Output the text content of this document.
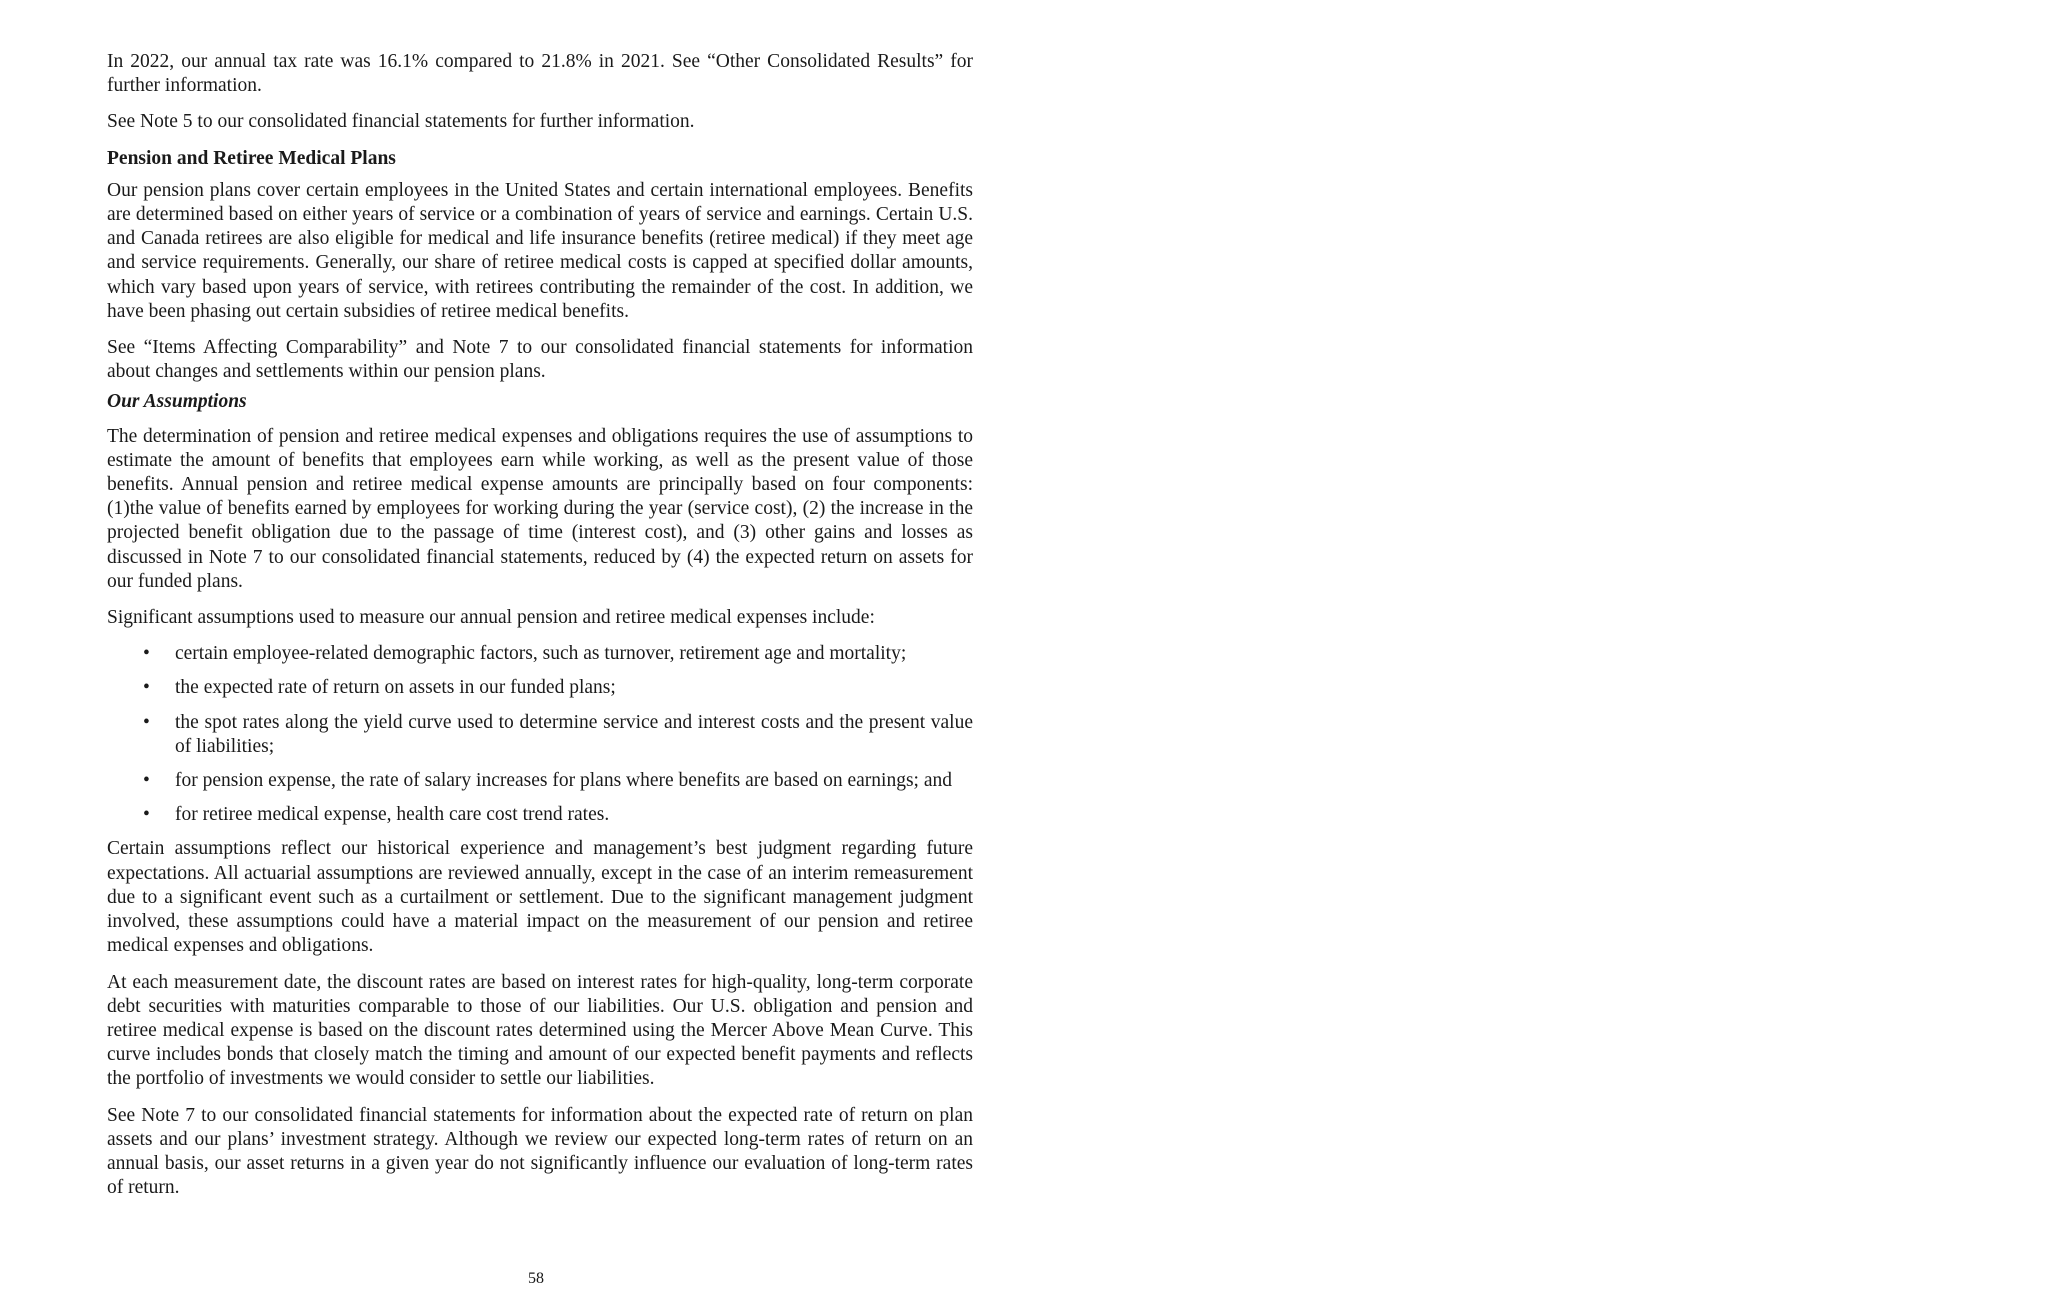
In 2022, our annual tax rate was 16.1% compared to 21.8% in 2021. See “Other Consolidated Results” for further information.

See Note 5 to our consolidated financial statements for further information.

Pension and Retiree Medical Plans

Our pension plans cover certain employees in the United States and certain international employees. Benefits are determined based on either years of service or a combination of years of service and earnings. Certain U.S. and Canada retirees are also eligible for medical and life insurance benefits (retiree medical) if they meet age and service requirements. Generally, our share of retiree medical costs is capped at specified dollar amounts, which vary based upon years of service, with retirees contributing the remainder of the cost. In addition, we have been phasing out certain subsidies of retiree medical benefits.

See “Items Affecting Comparability” and Note 7 to our consolidated financial statements for information about changes and settlements within our pension plans.

Our Assumptions

The determination of pension and retiree medical expenses and obligations requires the use of assumptions to estimate the amount of benefits that employees earn while working, as well as the present value of those benefits. Annual pension and retiree medical expense amounts are principally based on four components: (1)the value of benefits earned by employees for working during the year (service cost), (2) the increase in the projected benefit obligation due to the passage of time (interest cost), and (3) other gains and losses as discussed in Note 7 to our consolidated financial statements, reduced by (4) the expected return on assets for our funded plans.

Significant assumptions used to measure our annual pension and retiree medical expenses include:

• certain employee-related demographic factors, such as turnover, retirement age and mortality;
• the expected rate of return on assets in our funded plans;
• the spot rates along the yield curve used to determine service and interest costs and the present value of liabilities;
• for pension expense, the rate of salary increases for plans where benefits are based on earnings; and
• for retiree medical expense, health care cost trend rates.

Certain assumptions reflect our historical experience and management’s best judgment regarding future expectations. All actuarial assumptions are reviewed annually, except in the case of an interim remeasurement due to a significant event such as a curtailment or settlement. Due to the significant management judgment involved, these assumptions could have a material impact on the measurement of our pension and retiree medical expenses and obligations.

At each measurement date, the discount rates are based on interest rates for high-quality, long-term corporate debt securities with maturities comparable to those of our liabilities. Our U.S. obligation and pension and retiree medical expense is based on the discount rates determined using the Mercer Above Mean Curve. This curve includes bonds that closely match the timing and amount of our expected benefit payments and reflects the portfolio of investments we would consider to settle our liabilities.

See Note 7 to our consolidated financial statements for information about the expected rate of return on plan assets and our plans’ investment strategy. Although we review our expected long-term rates of return on an annual basis, our asset returns in a given year do not significantly influence our evaluation of long-term rates of return.

58
